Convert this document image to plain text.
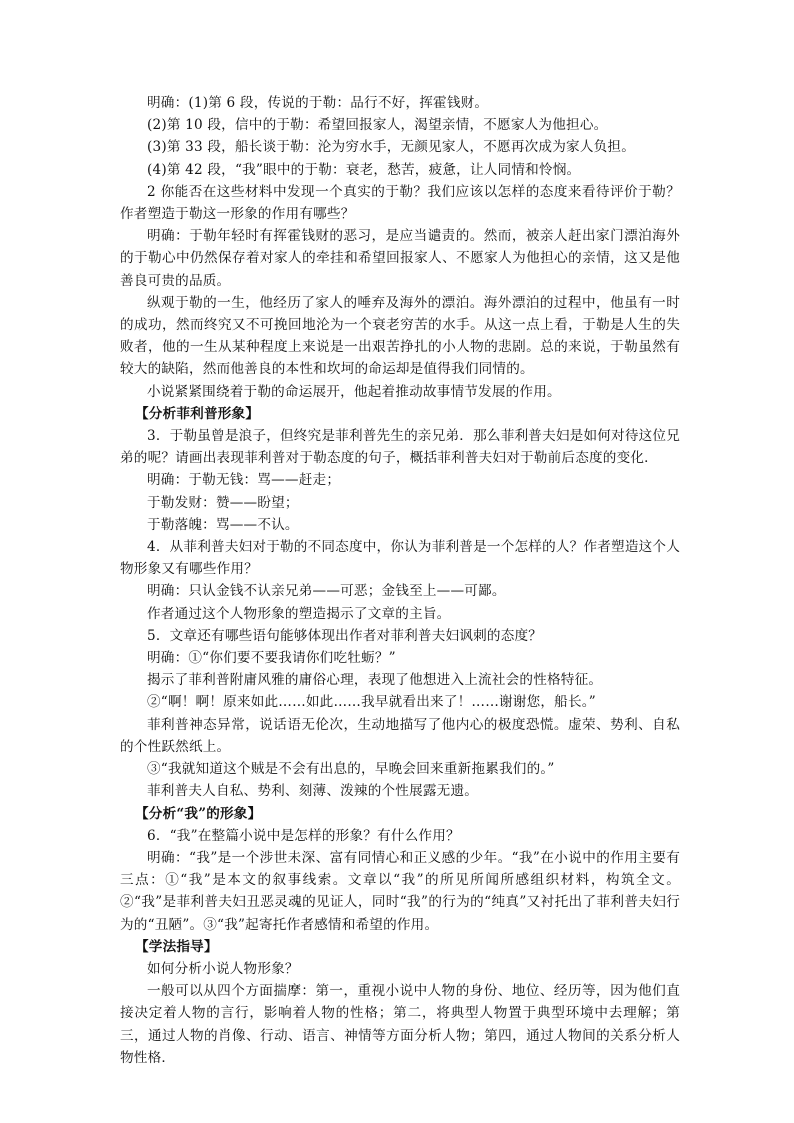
明确：(1)第 6 段，传说的于勒：品行不好，挥霍钱财。

(2)第 10 段，信中的于勒：希望回报家人，渴望亲情，不愿家人为他担心。

(3)第 33 段，船长谈于勒：沦为穷水手，无颜见家人，不愿再次成为家人负担。

(4)第 42 段，“我”眼中的于勒：衰老，愁苦，疲惫，让人同情和怜悯。

2 你能否在这些材料中发现一个真实的于勒？我们应该以怎样的态度来看待评价于勒？作者塑造于勒这一形象的作用有哪些？

明确：于勒年轻时有挥霍钱财的恶习，是应当谴责的。然而，被亲人赶出家门漂泊海外的于勒心中仍然保存着对家人的牵挂和希望回报家人、不愿家人为他担心的亲情，这又是他善良可贵的品质。

纵观于勒的一生，他经历了家人的唾弃及海外的漂泊。海外漂泊的过程中，他虽有一时的成功，然而终究又不可挽回地沦为一个衰老穷苦的水手。从这一点上看，于勒是人生的失败者，他的一生从某种程度上来说是一出艰苦挣扎的小人物的悲剧。总的来说，于勒虽然有较大的缺陷，然而他善良的本性和坎坷的命运却是值得我们同情的。

小说紧紧围绕着于勒的命运展开，他起着推动故事情节发展的作用。

【分析菲利普形象】

3．于勒虽曾是浪子，但终究是菲利普先生的亲兄弟．那么菲利普夫妇是如何对待这位兄弟的呢？请画出表现菲利普对于勒态度的句子，概括菲利普夫妇对于勒前后态度的变化．

明确：于勒无钱：骂——赶走；

于勒发财：赞——盼望；

于勒落魄：骂——不认。

4．从菲利普夫妇对于勒的不同态度中，你认为菲利普是一个怎样的人？作者塑造这个人物形象又有哪些作用？

明确：只认金钱不认亲兄弟——可恶；金钱至上——可鄙。

作者通过这个人物形象的塑造揭示了文章的主旨。

5．文章还有哪些语句能够体现出作者对菲利普夫妇讽刺的态度？

明确：①“你们要不要我请你们吃牡蛎？”

揭示了菲利普附庸风雅的庸俗心理，表现了他想进入上流社会的性格特征。

②“啊！啊！原来如此……如此……我早就看出来了！……谢谢您，船长。”

菲利普神态异常，说话语无伦次，生动地描写了他内心的极度恐慌。虚荣、势利、自私的个性跃然纸上。

③“我就知道这个贼是不会有出息的，早晚会回来重新拖累我们的。”

菲利普夫人自私、势利、刻薄、泼辣的个性展露无遗。

【分析“我”的形象】

6．“我”在整篇小说中是怎样的形象？有什么作用？

明确：“我”是一个涉世未深、富有同情心和正义感的少年。“我”在小说中的作用主要有三点：①“我”是本文的叙事线索。文章以“我”的所见所闻所感组织材料，构筑全文。②“我”是菲利普夫妇丑恶灵魂的见证人，同时“我”的行为的“纯真”又衬托出了菲利普夫妇行为的“丑陋”。③“我”起寄托作者感情和希望的作用。

【学法指导】

如何分析小说人物形象？

一般可以从四个方面揣摩：第一，重视小说中人物的身份、地位、经历等，因为他们直接决定着人物的言行，影响着人物的性格；第二，将典型人物置于典型环境中去理解；第三，通过人物的肖像、行动、语言、神情等方面分析人物；第四，通过人物间的关系分析人物性格．
